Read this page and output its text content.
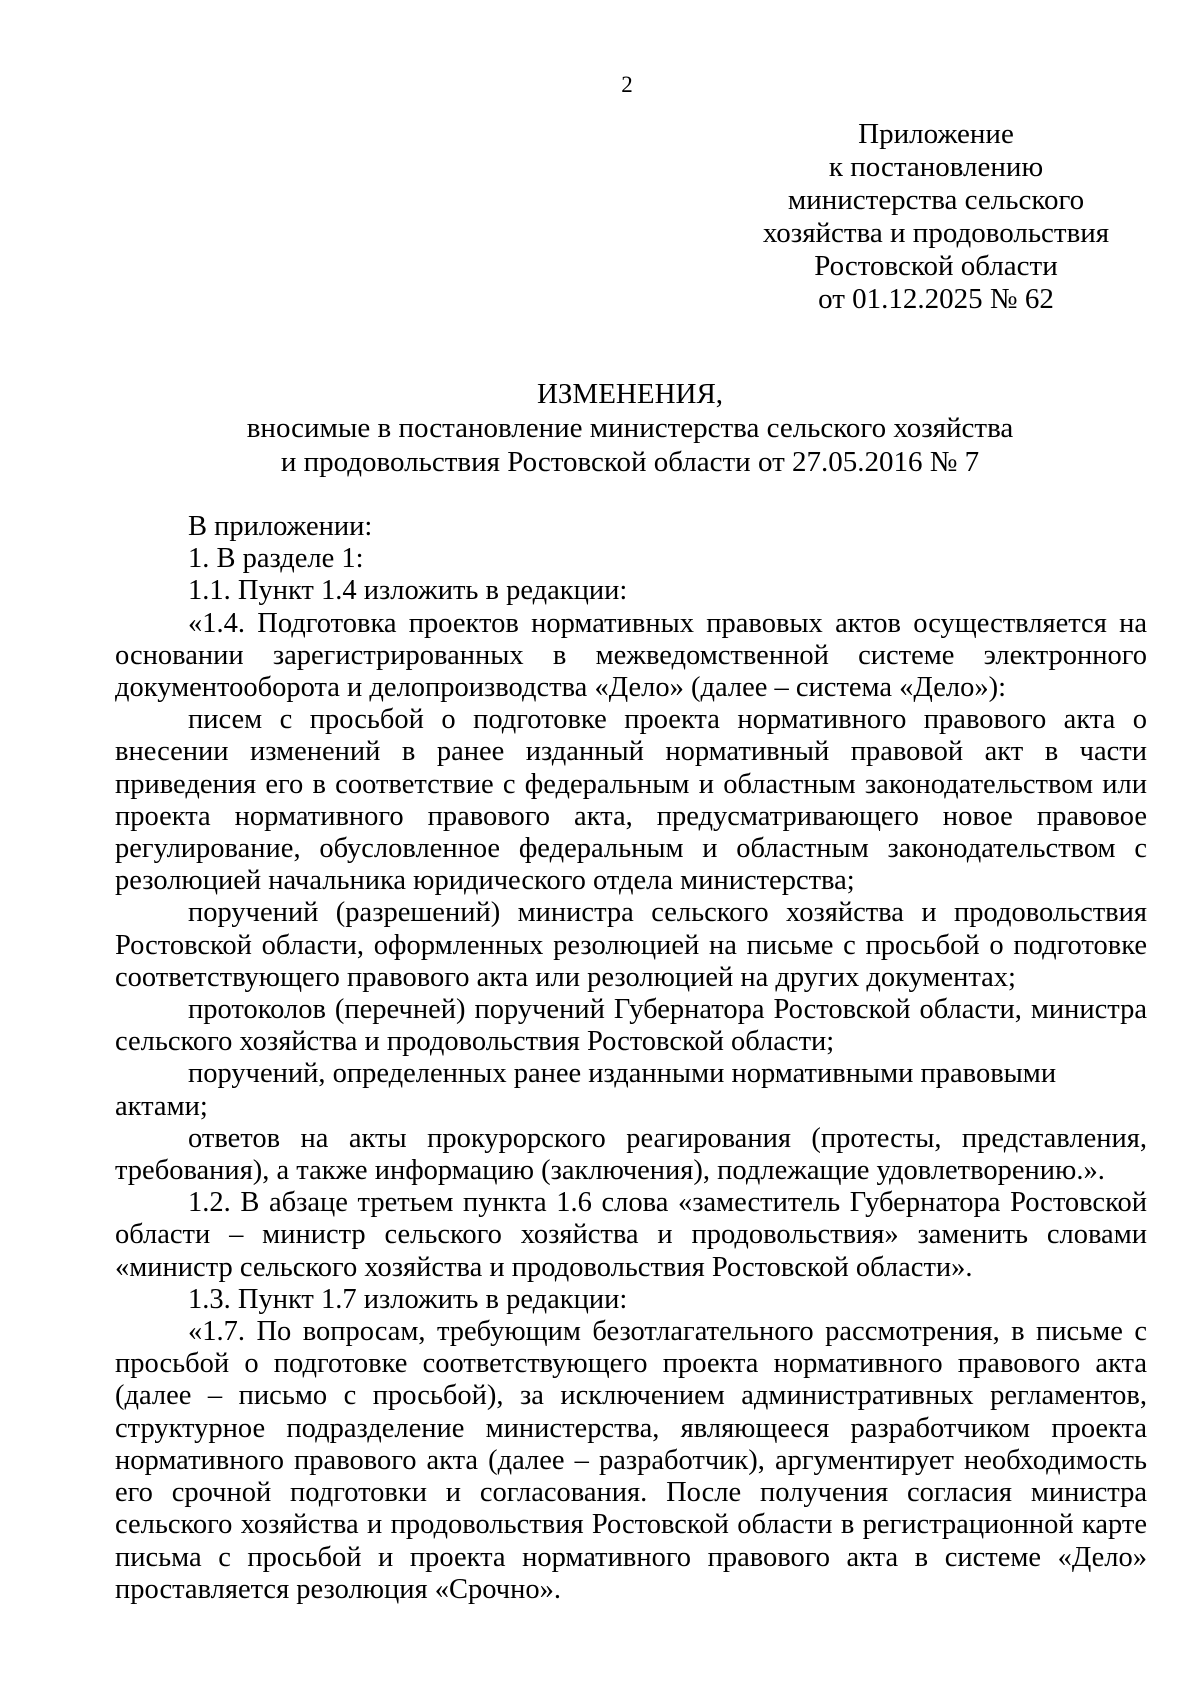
2
Приложение
к постановлению
министерства сельского
хозяйства и продовольствия
Ростовской области
от 01.12.2025 № 62
ИЗМЕНЕНИЯ,
вносимые в постановление министерства сельского хозяйства
и продовольствия Ростовской области от 27.05.2016 № 7

В приложении:

1. В разделе 1:

1.1. Пункт 1.4 изложить в редакции:

«1.4. Подготовка проектов нормативных правовых актов осуществляется на основании зарегистрированных в межведомственной системе электронного документооборота и делопроизводства «Дело» (далее – система «Дело»):

писем с просьбой о подготовке проекта нормативного правового акта о внесении изменений в ранее изданный нормативный правовой акт в части приведения его в соответствие с федеральным и областным законодательством или проекта нормативного правового акта, предусматривающего новое правовое регулирование, обусловленное федеральным и областным законодательством с резолюцией начальника юридического отдела министерства;

поручений (разрешений) министра сельского хозяйства и продовольствия Ростовской области, оформленных резолюцией на письме с просьбой о подготовке соответствующего правового акта или резолюцией на других документах;

протоколов (перечней) поручений Губернатора Ростовской области, министра сельского хозяйства и продовольствия Ростовской области;

поручений, определенных ранее изданными нормативными правовыми актами;

ответов на акты прокурорского реагирования (протесты, представления, требования), а также информацию (заключения), подлежащие удовлетворению.».

1.2. В абзаце третьем пункта 1.6 слова «заместитель Губернатора Ростовской области – министр сельского хозяйства и продовольствия» заменить словами «министр сельского хозяйства и продовольствия Ростовской области».

1.3. Пункт 1.7 изложить в редакции:

«1.7. По вопросам, требующим безотлагательного рассмотрения, в письме с просьбой о подготовке соответствующего проекта нормативного правового акта (далее – письмо с просьбой), за исключением административных регламентов, структурное подразделение министерства, являющееся разработчиком проекта нормативного правового акта (далее – разработчик), аргументирует необходимость его срочной подготовки и согласования. После получения согласия министра сельского хозяйства и продовольствия Ростовской области в регистрационной карте письма с просьбой и проекта нормативного правового акта в системе «Дело» проставляется резолюция «Срочно».
